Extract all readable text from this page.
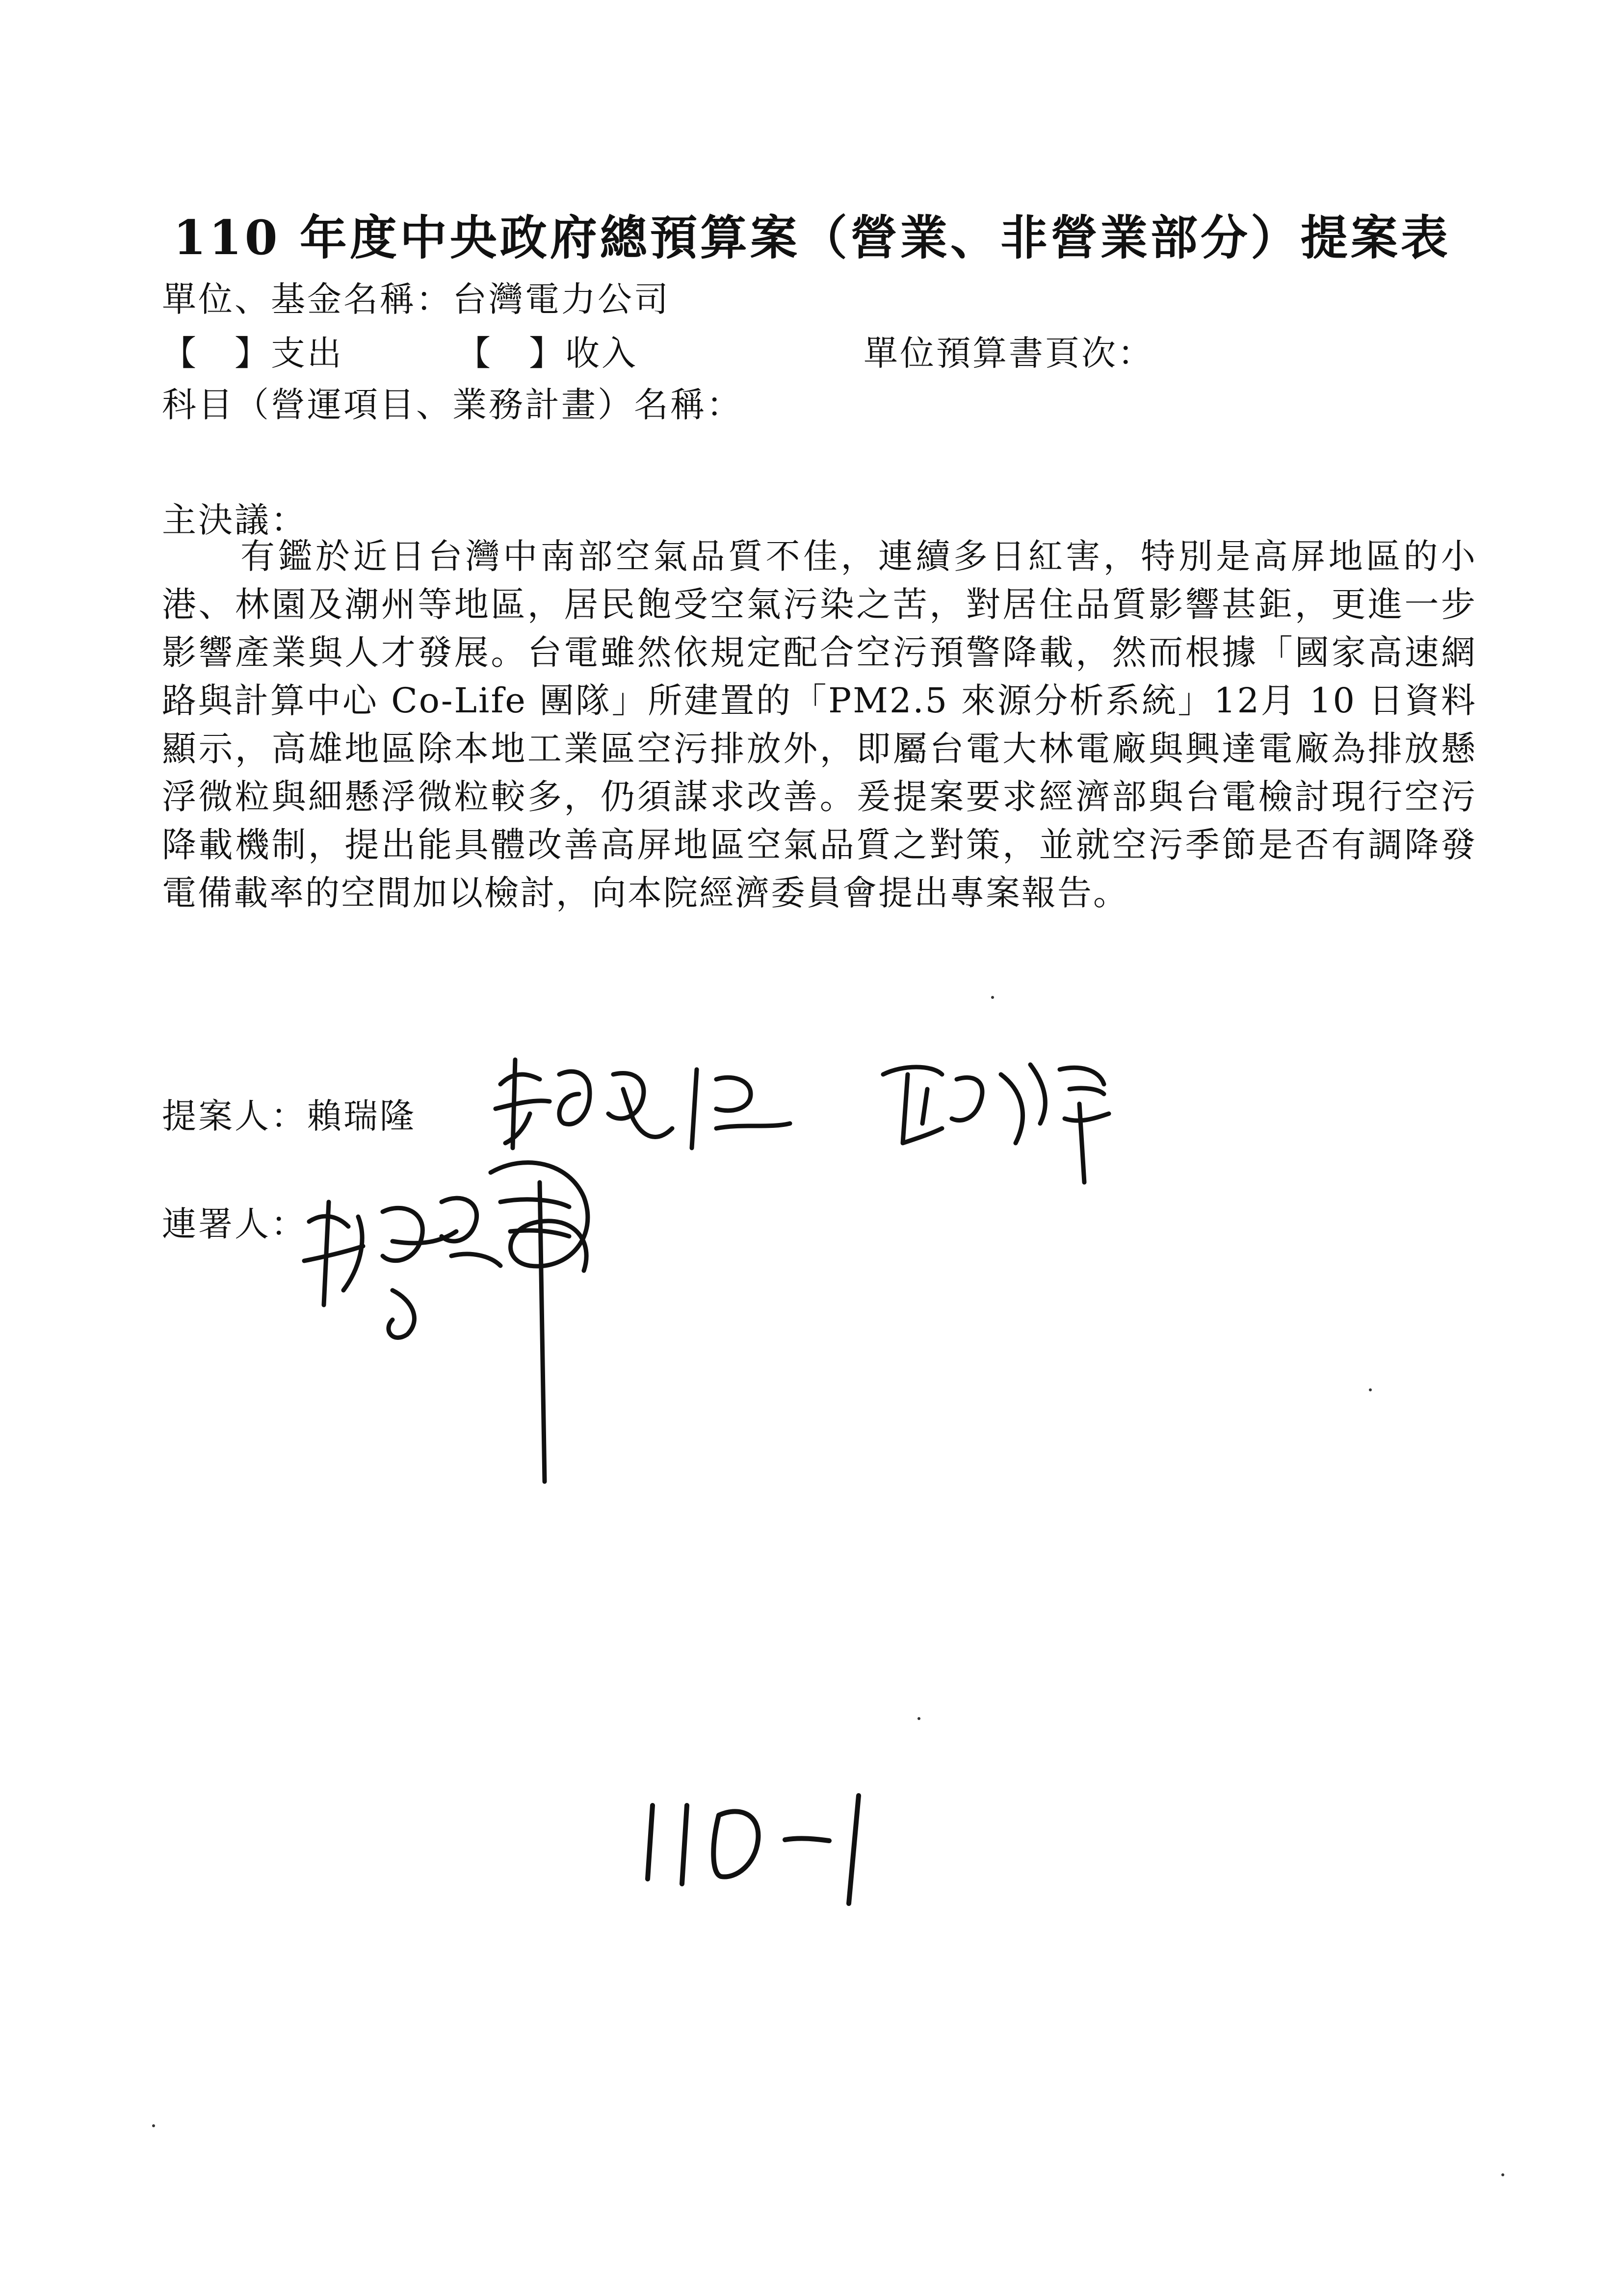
110 年度中央政府總預算案（營業、非營業部分）提案表
單位、基金名稱：台灣電力公司
【　】支出	【　】收入	單位預算書頁次：
科目（營運項目、業務計畫）名稱：
主決議：

有鑑於近日台灣中南部空氣品質不佳，連續多日紅害，特別是高屏地區的小港、林園及潮州等地區，居民飽受空氣污染之苦，對居住品質影響甚鉅，更進一步影響產業與人才發展。台電雖然依規定配合空污預警降載，然而根據「國家高速網路與計算中心 Co-Life 團隊」所建置的「PM2.5 來源分析系統」12月 10 日資料顯示，高雄地區除本地工業區空污排放外，即屬台電大林電廠與興達電廠為排放懸浮微粒與細懸浮微粒較多，仍須謀求改善。爰提案要求經濟部與台電檢討現行空污降載機制，提出能具體改善高屏地區空氣品質之對策，並就空污季節是否有調降發電備載率的空間加以檢討，向本院經濟委員會提出專案報告。

提案人：賴瑞隆
連署人：
